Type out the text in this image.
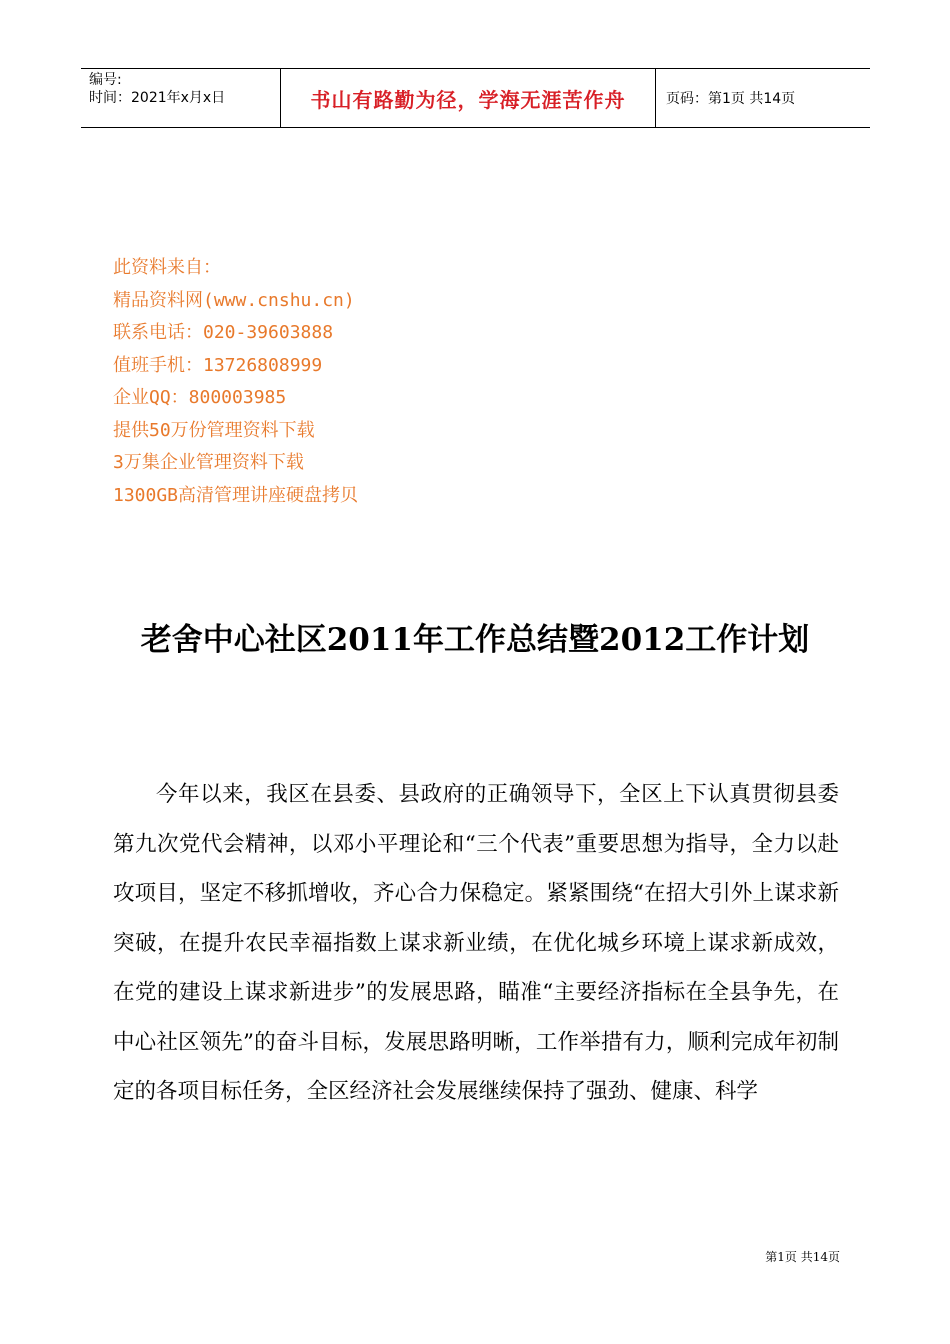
编号:
时间：2021年x月x日	书山有路勤为径，学海无涯苦作舟	页码：第1页 共14页
此资料来自：
精品资料网(www.cnshu.cn)
联系电话：020-39603888
值班手机：13726808999
企业QQ：800003985
提供50万份管理资料下载
3万集企业管理资料下载
1300GB高清管理讲座硬盘拷贝
老舍中心社区2011年工作总结暨2012工作计划
今年以来，我区在县委、县政府的正确领导下，全区上下认真贯彻县委第九次党代会精神，以邓小平理论和“三个代表”重要思想为指导，全力以赴攻项目，坚定不移抓增收，齐心合力保稳定。紧紧围绕“在招大引外上谋求新突破，在提升农民幸福指数上谋求新业绩，在优化城乡环境上谋求新成效，在党的建设上谋求新进步”的发展思路，瞄准“主要经济指标在全县争先，在中心社区领先”的奋斗目标，发展思路明晰，工作举措有力，顺利完成年初制定的各项目标任务，全区经济社会发展继续保持了强劲、健康、科学
第1页 共14页
